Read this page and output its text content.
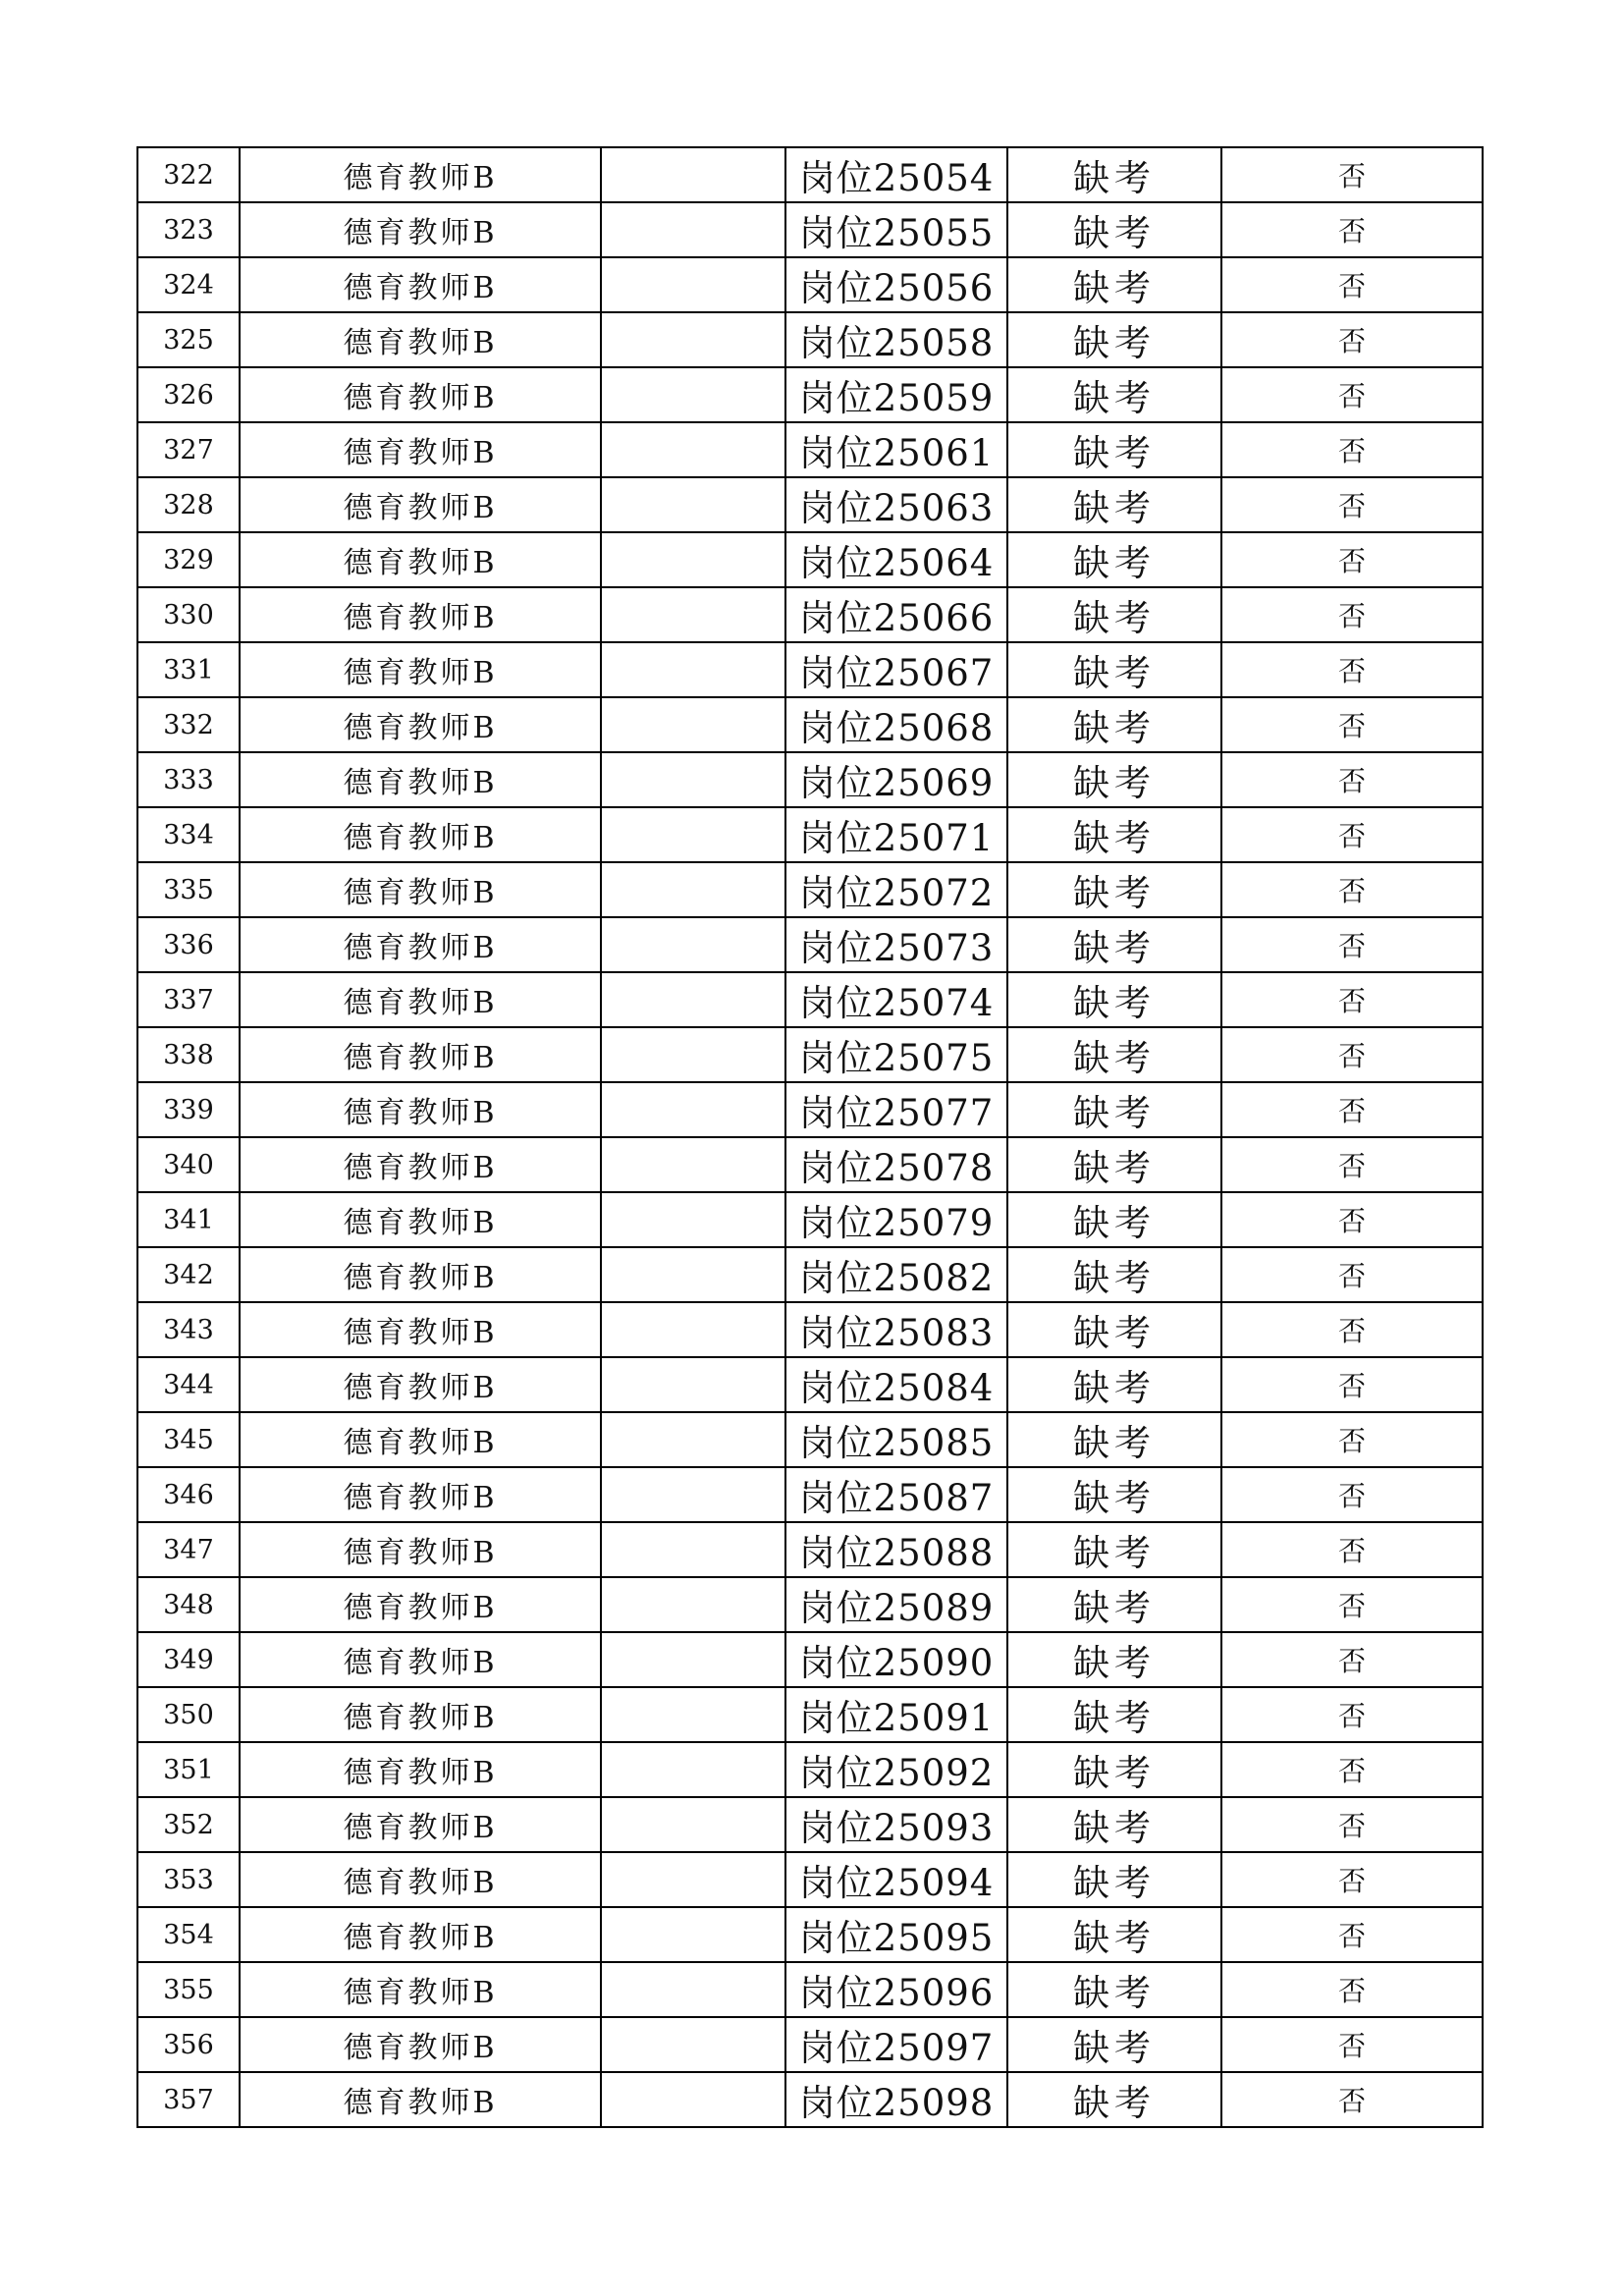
322	德育教师B		岗位25054	缺考	否
323	德育教师B		岗位25055	缺考	否
324	德育教师B		岗位25056	缺考	否
325	德育教师B		岗位25058	缺考	否
326	德育教师B		岗位25059	缺考	否
327	德育教师B		岗位25061	缺考	否
328	德育教师B		岗位25063	缺考	否
329	德育教师B		岗位25064	缺考	否
330	德育教师B		岗位25066	缺考	否
331	德育教师B		岗位25067	缺考	否
332	德育教师B		岗位25068	缺考	否
333	德育教师B		岗位25069	缺考	否
334	德育教师B		岗位25071	缺考	否
335	德育教师B		岗位25072	缺考	否
336	德育教师B		岗位25073	缺考	否
337	德育教师B		岗位25074	缺考	否
338	德育教师B		岗位25075	缺考	否
339	德育教师B		岗位25077	缺考	否
340	德育教师B		岗位25078	缺考	否
341	德育教师B		岗位25079	缺考	否
342	德育教师B		岗位25082	缺考	否
343	德育教师B		岗位25083	缺考	否
344	德育教师B		岗位25084	缺考	否
345	德育教师B		岗位25085	缺考	否
346	德育教师B		岗位25087	缺考	否
347	德育教师B		岗位25088	缺考	否
348	德育教师B		岗位25089	缺考	否
349	德育教师B		岗位25090	缺考	否
350	德育教师B		岗位25091	缺考	否
351	德育教师B		岗位25092	缺考	否
352	德育教师B		岗位25093	缺考	否
353	德育教师B		岗位25094	缺考	否
354	德育教师B		岗位25095	缺考	否
355	德育教师B		岗位25096	缺考	否
356	德育教师B		岗位25097	缺考	否
357	德育教师B		岗位25098	缺考	否
